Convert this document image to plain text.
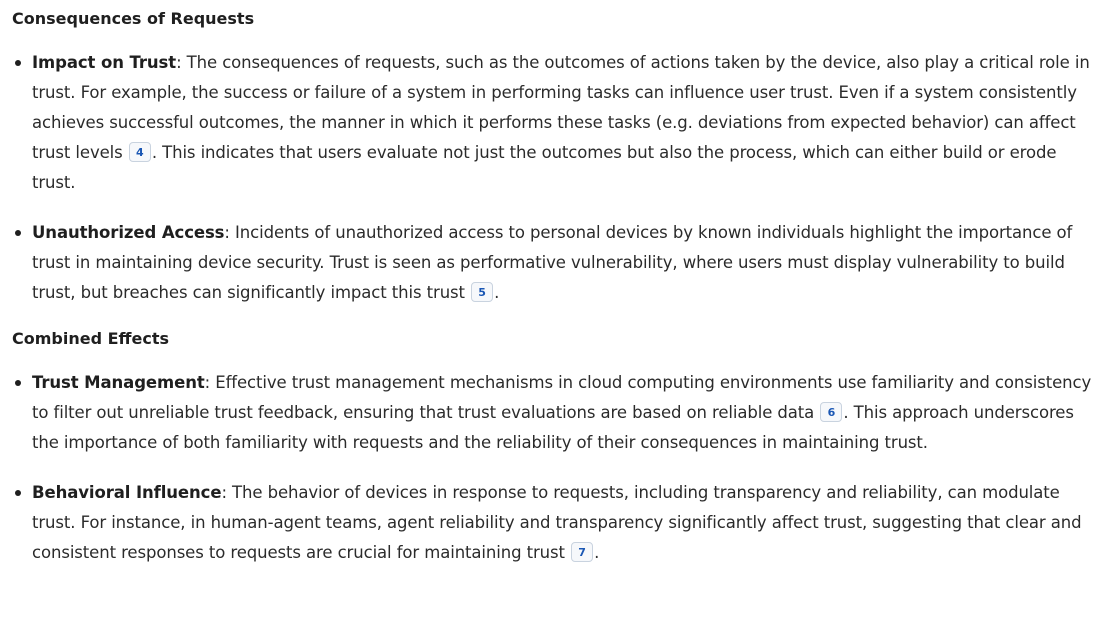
Consequences of Requests
Impact on Trust: The consequences of requests, such as the outcomes of actions taken by the device, also play a critical role in trust. For example, the success or failure of a system in performing tasks can influence user trust. Even if a system consistently achieves successful outcomes, the manner in which it performs these tasks (e.g. deviations from expected behavior) can affect trust levels 4 . This indicates that users evaluate not just the outcomes but also the process, which can either build or erode trust.
Unauthorized Access: Incidents of unauthorized access to personal devices by known individuals highlight the importance of trust in maintaining device security. Trust is seen as performative vulnerability, where users must display vulnerability to build trust, but breaches can significantly impact this trust 5 .
Combined Effects
Trust Management: Effective trust management mechanisms in cloud computing environments use familiarity and consistency to filter out unreliable trust feedback, ensuring that trust evaluations are based on reliable data 6 . This approach underscores the importance of both familiarity with requests and the reliability of their consequences in maintaining trust.
Behavioral Influence: The behavior of devices in response to requests, including transparency and reliability, can modulate trust. For instance, in human-agent teams, agent reliability and transparency significantly affect trust, suggesting that clear and consistent responses to requests are crucial for maintaining trust 7 .
